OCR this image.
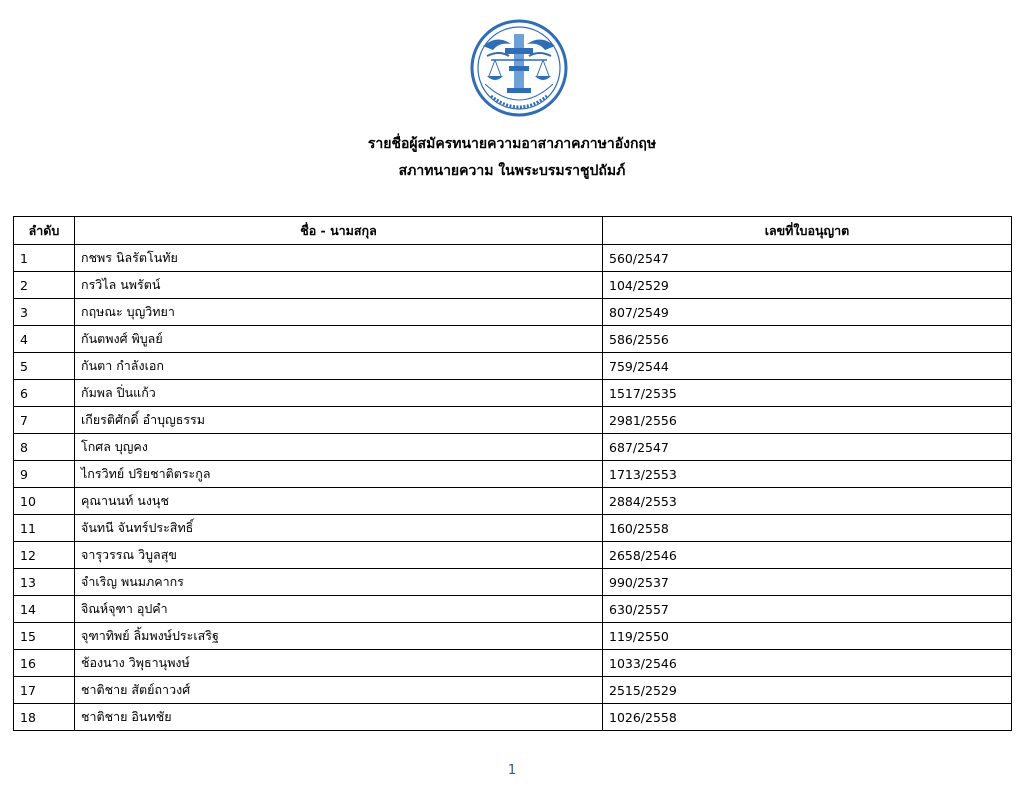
รายชื่อผู้สมัครทนายความอาสาภาคภาษาอังกฤษ
สภาทนายความ ในพระบรมราชูปถัมภ์
ลำดับ	ชื่อ - นามสกุล	เลขที่ใบอนุญาต
1	กชพร นิลรัตโนทัย	560/2547
2	กรวิไล นพรัตน์	104/2529
3	กฤษณะ บุญวิทยา	807/2549
4	กันตพงศ์ พิบูลย์	586/2556
5	กันตา กำลังเอก	759/2544
6	กัมพล ปิ่นแก้ว	1517/2535
7	เกียรติศักดิ์ อำบุญธรรม	2981/2556
8	โกศล บุญคง	687/2547
9	ไกรวิทย์ ปริยชาติตระกูล	1713/2553
10	คุณานนท์ นงนุช	2884/2553
11	จันทนี จันทร์ประสิทธิ์	160/2558
12	จารุวรรณ วิบูลสุข	2658/2546
13	จำเริญ พนมภคากร	990/2537
14	จิณห์จุฑา อุปคำ	630/2557
15	จุฑาทิพย์ ลิ้มพงษ์ประเสริฐ	119/2550
16	ช้องนาง วิพุธานุพงษ์	1033/2546
17	ชาติชาย สัตย์ถาวงศ์	2515/2529
18	ชาติชาย อินทชัย	1026/2558
1
